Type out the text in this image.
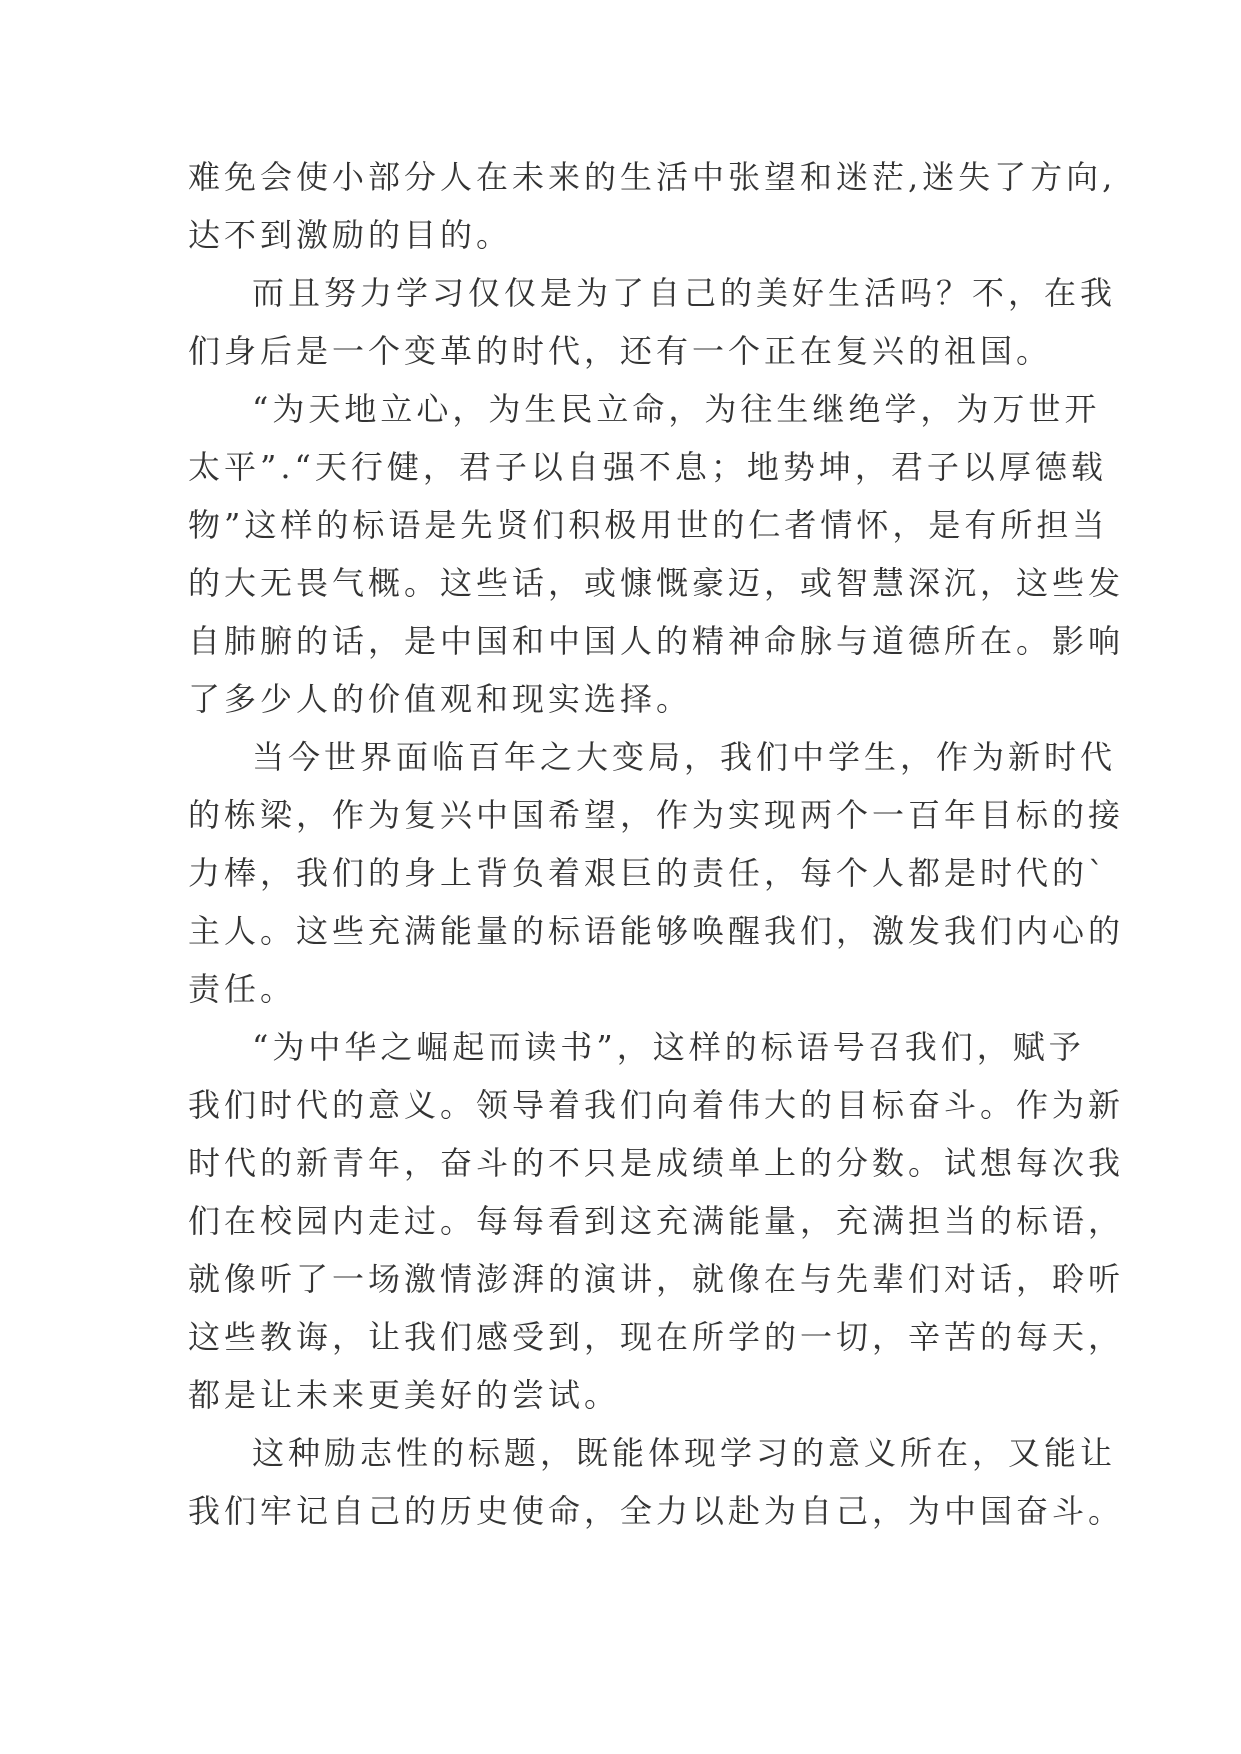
难免会使小部分人在未来的生活中张望和迷茫,迷失了方向,
达不到激励的目的。
而且努力学习仅仅是为了自己的美好生活吗？不，在我
们身后是一个变革的时代，还有一个正在复兴的祖国。
“为天地立心，为生民立命，为往生继绝学，为万世开
太平”.“天行健，君子以自强不息；地势坤，君子以厚德载
物”这样的标语是先贤们积极用世的仁者情怀，是有所担当
的大无畏气概。这些话，或慷慨豪迈，或智慧深沉，这些发
自肺腑的话，是中国和中国人的精神命脉与道德所在。影响
了多少人的价值观和现实选择。
当今世界面临百年之大变局，我们中学生，作为新时代
的栋梁，作为复兴中国希望，作为实现两个一百年目标的接
力棒，我们的身上背负着艰巨的责任，每个人都是时代的`
主人。这些充满能量的标语能够唤醒我们，激发我们内心的
责任。
“为中华之崛起而读书”，这样的标语号召我们，赋予
我们时代的意义。领导着我们向着伟大的目标奋斗。作为新
时代的新青年，奋斗的不只是成绩单上的分数。试想每次我
们在校园内走过。每每看到这充满能量，充满担当的标语，
就像听了一场激情澎湃的演讲，就像在与先辈们对话，聆听
这些教诲，让我们感受到，现在所学的一切，辛苦的每天，
都是让未来更美好的尝试。
这种励志性的标题，既能体现学习的意义所在，又能让
我们牢记自己的历史使命，全力以赴为自己，为中国奋斗。
